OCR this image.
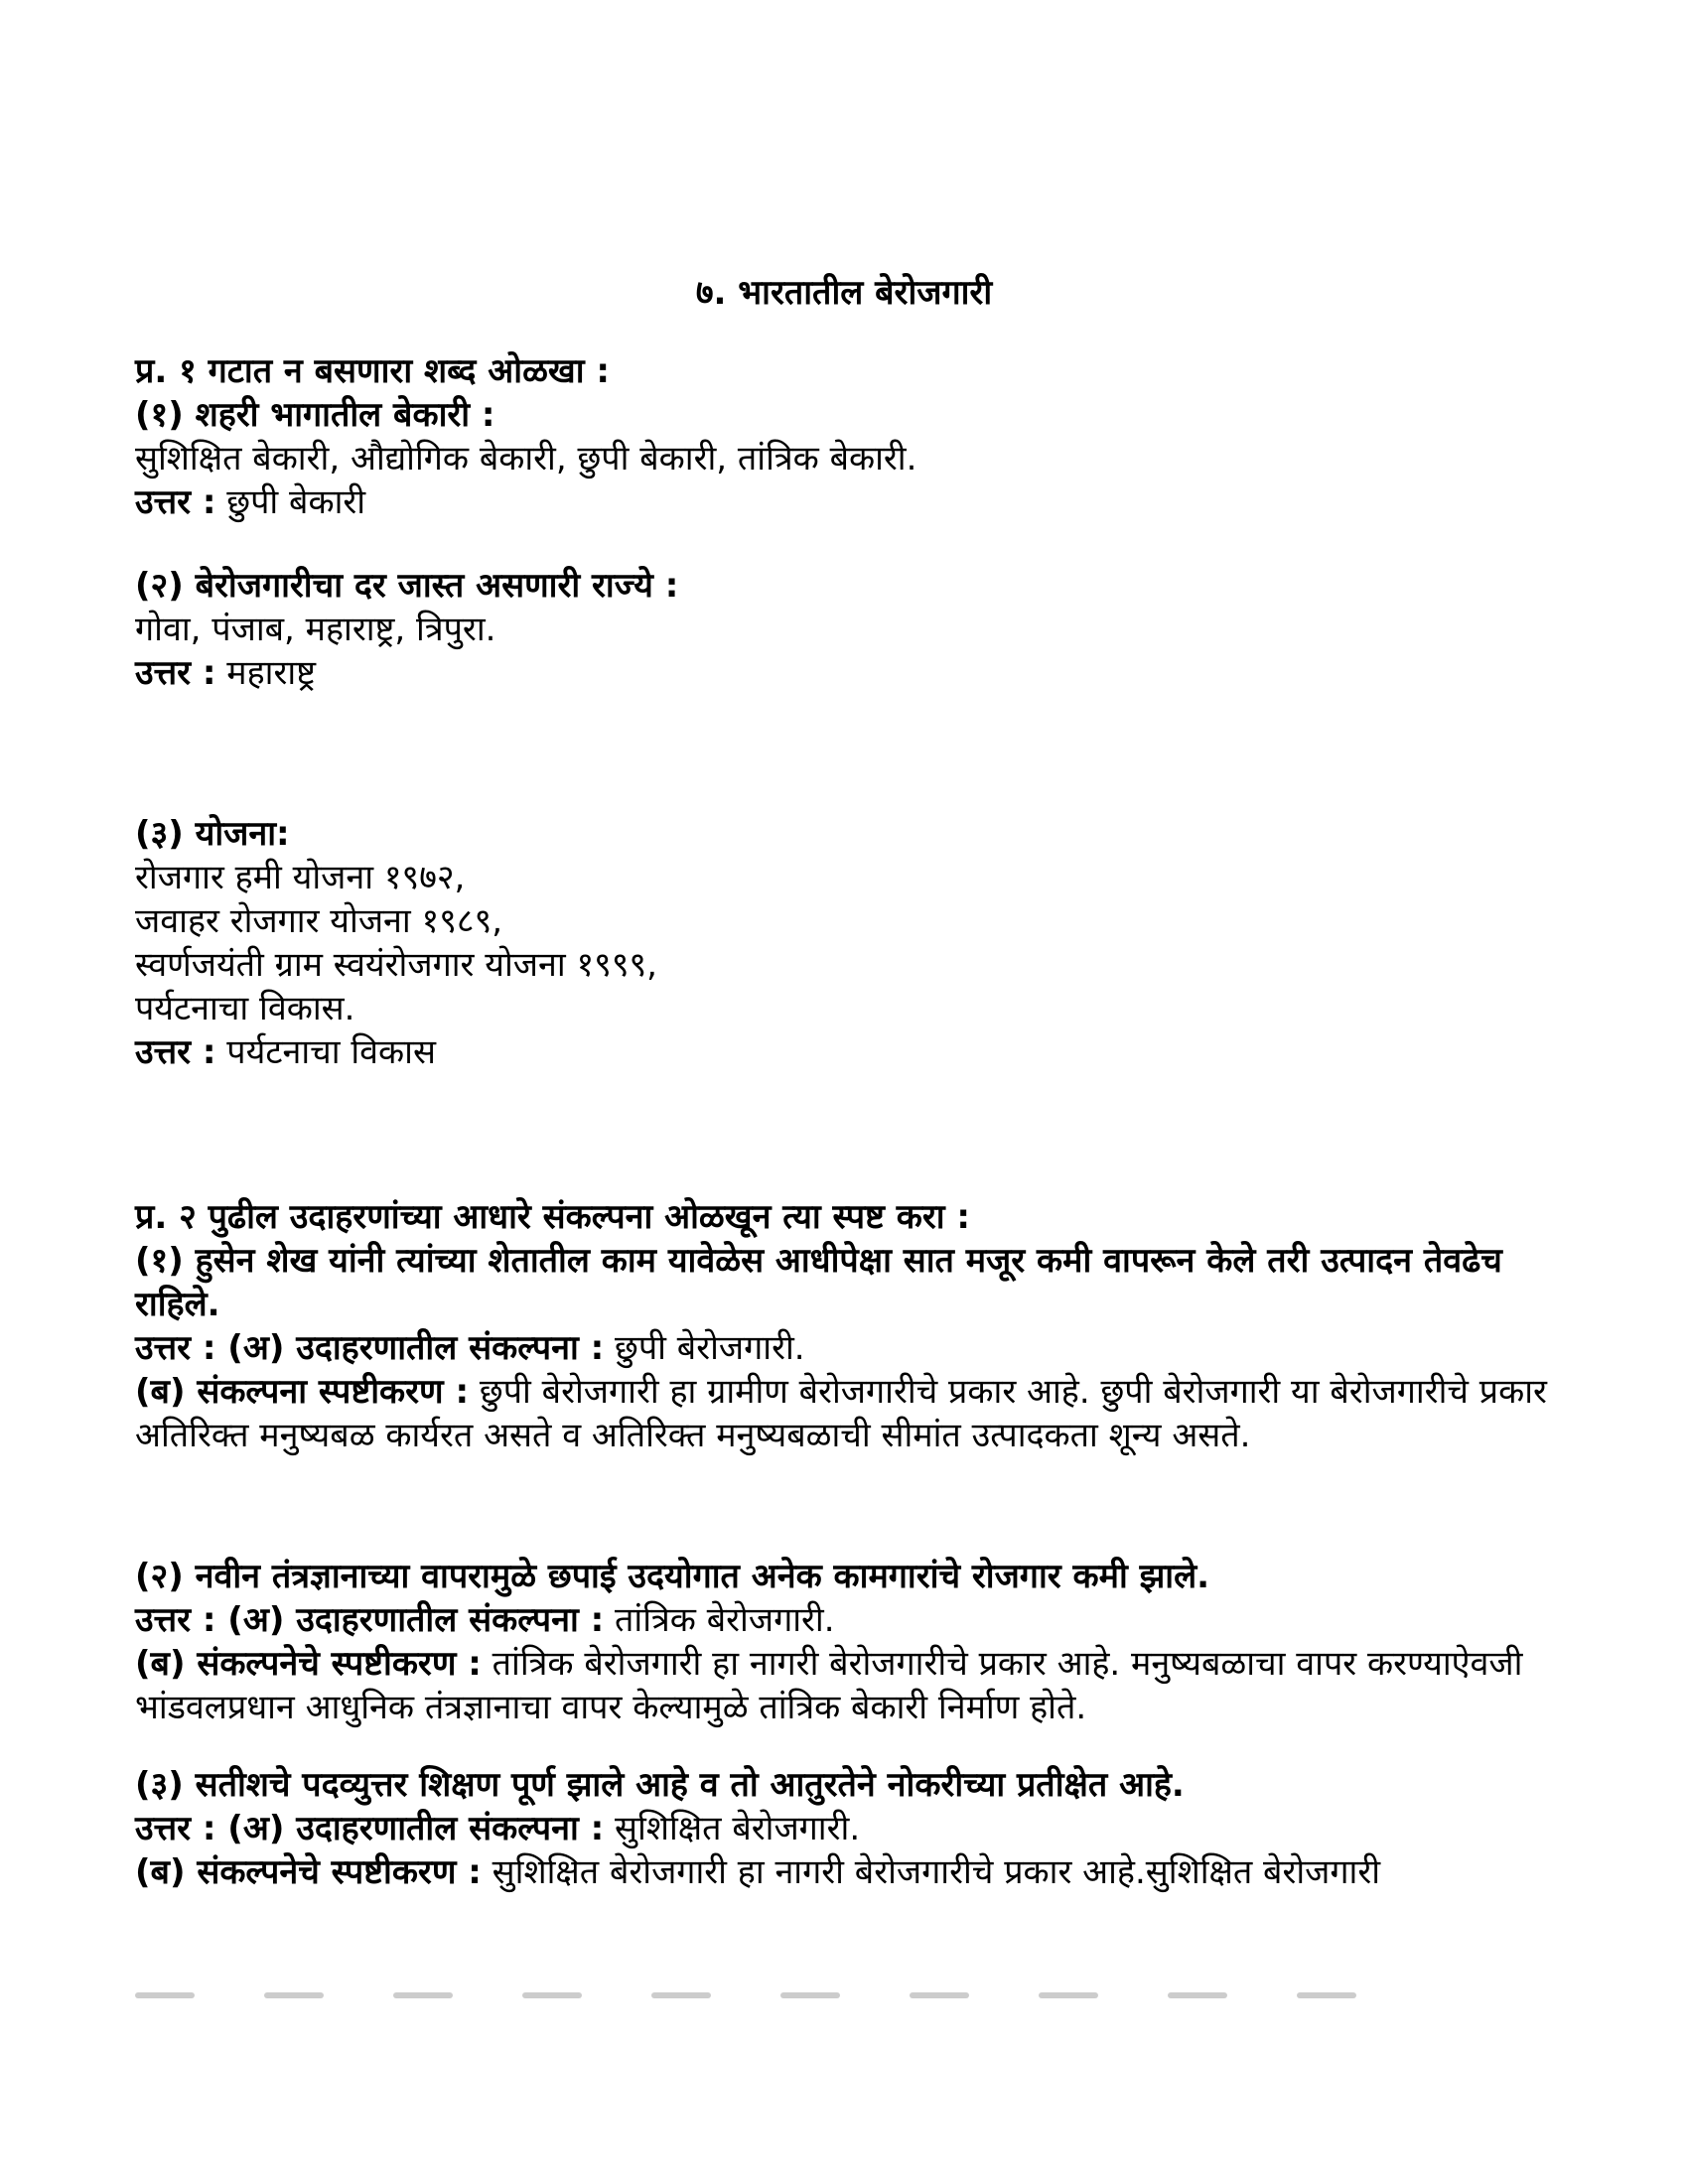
७. भारतातील बेरोजगारी
प्र. १ गटात न बसणारा शब्द ओळखा :
(१) शहरी भागातील बेकारी :
सुशिक्षित बेकारी, औद्योगिक बेकारी, छुपी बेकारी, तांत्रिक बेकारी.
उत्तर : छुपी बेकारी
(२) बेरोजगारीचा दर जास्त असणारी राज्ये :
गोवा, पंजाब, महाराष्ट्र, त्रिपुरा.
उत्तर : महाराष्ट्र
(३) योजना:
रोजगार हमी योजना १९७२,
जवाहर रोजगार योजना १९८९,
स्वर्णजयंती ग्राम स्वयंरोजगार योजना १९९९,
पर्यटनाचा विकास.
उत्तर : पर्यटनाचा विकास
प्र. २ पुढील उदाहरणांच्या आधारे संकल्पना ओळखून त्या स्पष्ट करा :
(१) हुसेन शेख यांनी त्यांच्या शेतातील काम यावेळेस आधीपेक्षा सात मजूर कमी वापरून केले तरी उत्पादन तेवढेच राहिले.
उत्तर : (अ) उदाहरणातील संकल्पना : छुपी बेरोजगारी.
(ब) संकल्पना स्पष्टीकरण : छुपी बेरोजगारी हा ग्रामीण बेरोजगारीचे प्रकार आहे. छुपी बेरोजगारी या बेरोजगारीचे प्रकार अतिरिक्त मनुष्यबळ कार्यरत असते व अतिरिक्त मनुष्यबळाची सीमांत उत्पादकता शून्य असते.
(२) नवीन तंत्रज्ञानाच्या वापरामुळे छपाई उदयोगात अनेक कामगारांचे रोजगार कमी झाले.
उत्तर : (अ) उदाहरणातील संकल्पना : तांत्रिक बेरोजगारी.
(ब) संकल्पनेचे स्पष्टीकरण : तांत्रिक बेरोजगारी हा नागरी बेरोजगारीचे प्रकार आहे. मनुष्यबळाचा वापर करण्याऐवजी भांडवलप्रधान आधुनिक तंत्रज्ञानाचा वापर केल्यामुळे तांत्रिक बेकारी निर्माण होते.
(३) सतीशचे पदव्युत्तर शिक्षण पूर्ण झाले आहे व तो आतुरतेने नोकरीच्या प्रतीक्षेत आहे.
उत्तर : (अ) उदाहरणातील संकल्पना : सुशिक्षित बेरोजगारी.
(ब) संकल्पनेचे स्पष्टीकरण : सुशिक्षित बेरोजगारी हा नागरी बेरोजगारीचे प्रकार आहे.सुशिक्षित बेरोजगारी
